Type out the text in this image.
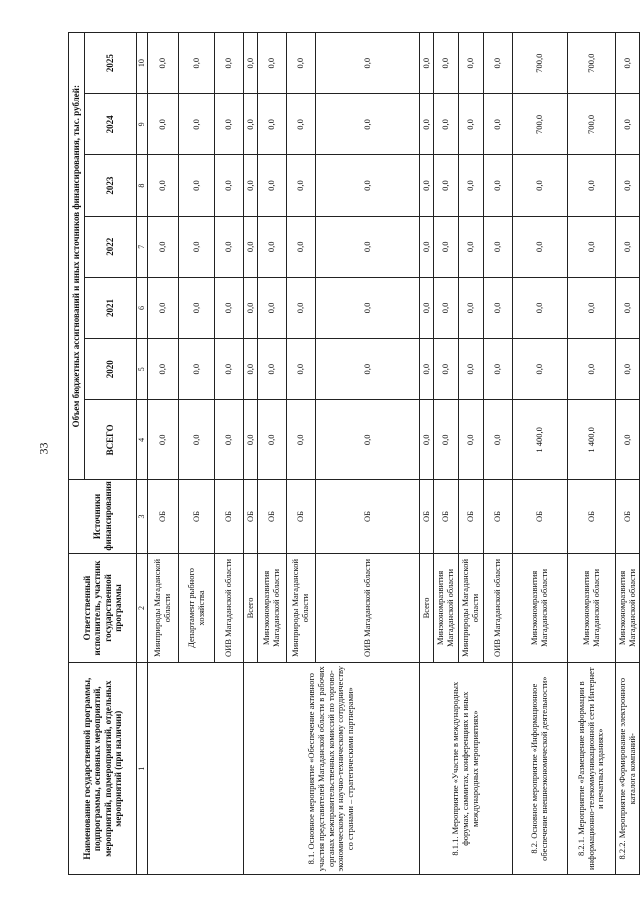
33
Наименование государственной программы, подпрограммы, основных мероприятий, мероприятий, подмероприятий, отдельных мероприятий (при наличии)	Ответственный исполнитель, участник государственной программы	Источники финансирования	Объем бюджетных ассигнований и иных источников финансирования, тыс. рублей:						
			ВСЕГО	2020	2021	2022	2023	2024	2025
1	2	3	4	5	6	7	8	9	10
	Минприроды Магаданской области	ОБ	0,0	0,0	0,0	0,0	0,0	0,0	0,0
	Департамент рыбного хозяйства	ОБ	0,0	0,0	0,0	0,0	0,0	0,0	0,0
	ОИВ Магаданской области	ОБ	0,0	0,0	0,0	0,0	0,0	0,0	0,0
8.1. Основное мероприятие «Обеспечение активного участия представителей Магаданской области в рабочих органах межправительственных комиссий по торгово-экономическому и научно-техническому сотрудничеству со странами – стратегическими партнерами»	Всего	ОБ	0,0	0,0	0,0	0,0	0,0	0,0	0,0
	Минэкономразвития Магаданской области	ОБ	0,0	0,0	0,0	0,0	0,0	0,0	0,0
	Минприроды Магаданской области	ОБ	0,0	0,0	0,0	0,0	0,0	0,0	0,0
	ОИВ Магаданской области	ОБ	0,0	0,0	0,0	0,0	0,0	0,0	0,0
8.1.1. Мероприятие «Участие в международных форумах, саммитах, конференциях и иных международных мероприятиях»	Всего	ОБ	0,0	0,0	0,0	0,0	0,0	0,0	0,0
	Минэкономразвития Магаданской области	ОБ	0,0	0,0	0,0	0,0	0,0	0,0	0,0
	Минприроды Магаданской области	ОБ	0,0	0,0	0,0	0,0	0,0	0,0	0,0
	ОИВ Магаданской области	ОБ	0,0	0,0	0,0	0,0	0,0	0,0	0,0
8.2. Основное мероприятие «Информационное обеспечение внешнеэкономической деятельности»	Минэкономразвития Магаданской области	ОБ	1 400,0	0,0	0,0	0,0	0,0	700,0	700,0
8.2.1. Мероприятие «Размещение информации в информационно-телекоммуникационной сети Интернет и печатных изданиях»	Минэкономразвития Магаданской области	ОБ	1 400,0	0,0	0,0	0,0	0,0	700,0	700,0
8.2.2. Мероприятие «Формирование электронного каталога компаний-	Минэкономразвития Магаданской области	ОБ	0,0	0,0	0,0	0,0	0,0	0,0	0,0
